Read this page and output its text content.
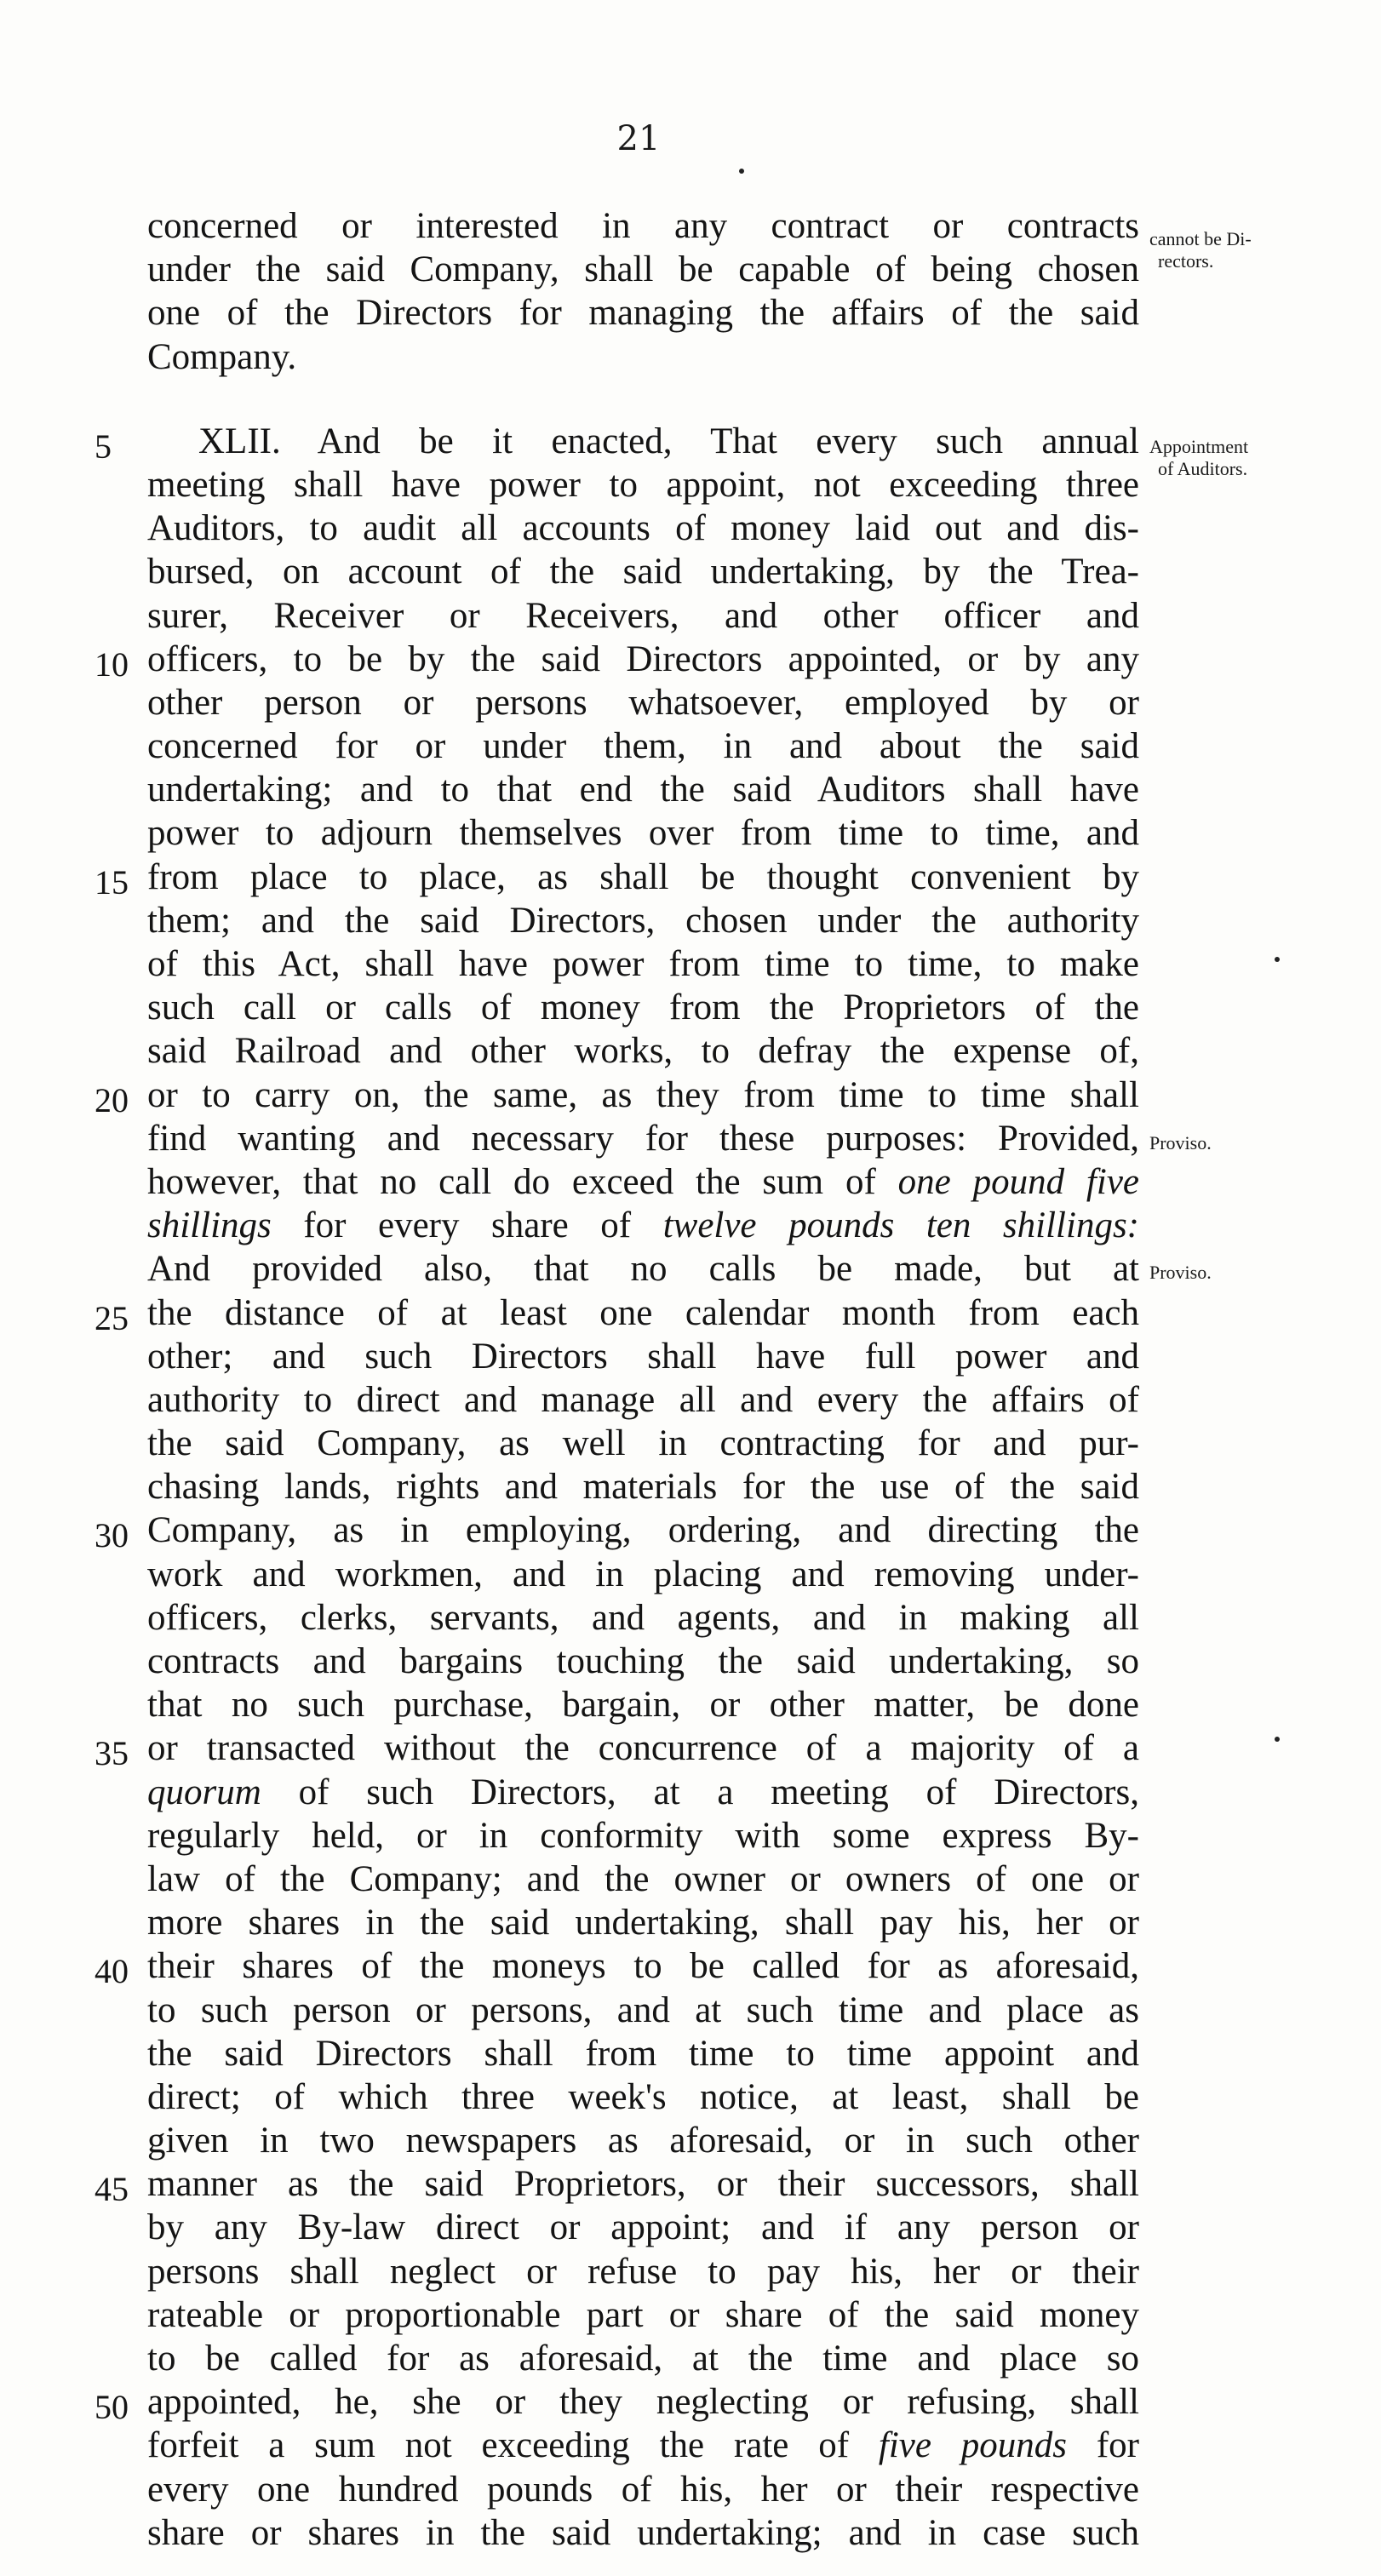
21
cannot be Di-
rectors.
Appointment
of Auditors.
Proviso.
Proviso.
concerned or interested in any contract or contracts
under the said Company, shall be capable of being chosen
one of the Directors for managing the affairs of the said
Company.
5	XLII. And be it enacted, That every such annual
meeting shall have power to appoint, not exceeding three
Auditors, to audit all accounts of money laid out and dis-
bursed, on account of the said undertaking, by the Trea-
surer, Receiver or Receivers, and other officer and
10 officers, to be by the said Directors appointed, or by any
other person or persons whatsoever, employed by or
concerned for or under them, in and about the said
undertaking; and to that end the said Auditors shall have
power to adjourn themselves over from time to time, and
15 from place to place, as shall be thought convenient by
them; and the said Directors, chosen under the authority
of this Act, shall have power from time to time, to make
such call or calls of money from the Proprietors of the
said Railroad and other works, to defray the expense of,
20 or to carry on, the same, as they from time to time shall
find wanting and necessary for these purposes: Provided,
however, that no call do exceed the sum of one pound five
shillings for every share of twelve pounds ten shillings:
And provided also, that no calls be made, but at
25 the distance of at least one calendar month from each
other; and such Directors shall have full power and
authority to direct and manage all and every the affairs of
the said Company, as well in contracting for and pur-
chasing lands, rights and materials for the use of the said
30 Company, as in employing, ordering, and directing the
work and workmen, and in placing and removing under-
officers, clerks, servants, and agents, and in making all
contracts and bargains touching the said undertaking, so
that no such purchase, bargain, or other matter, be done
35 or transacted without the concurrence of a majority of a
quorum of such Directors, at a meeting of Directors,
regularly held, or in conformity with some express By-
law of the Company; and the owner or owners of one or
more shares in the said undertaking, shall pay his, her or
40 their shares of the moneys to be called for as aforesaid,
to such person or persons, and at such time and place as
the said Directors shall from time to time appoint and
direct; of which three week's notice, at least, shall be
given in two newspapers as aforesaid, or in such other
45 manner as the said Proprietors, or their successors, shall
by any By-law direct or appoint; and if any person or
persons shall neglect or refuse to pay his, her or their
rateable or proportionable part or share of the said money
to be called for as aforesaid, at the time and place so
50 appointed, he, she or they neglecting or refusing, shall
forfeit a sum not exceeding the rate of five pounds for
every one hundred pounds of his, her or their respective
share or shares in the said undertaking; and in case such
